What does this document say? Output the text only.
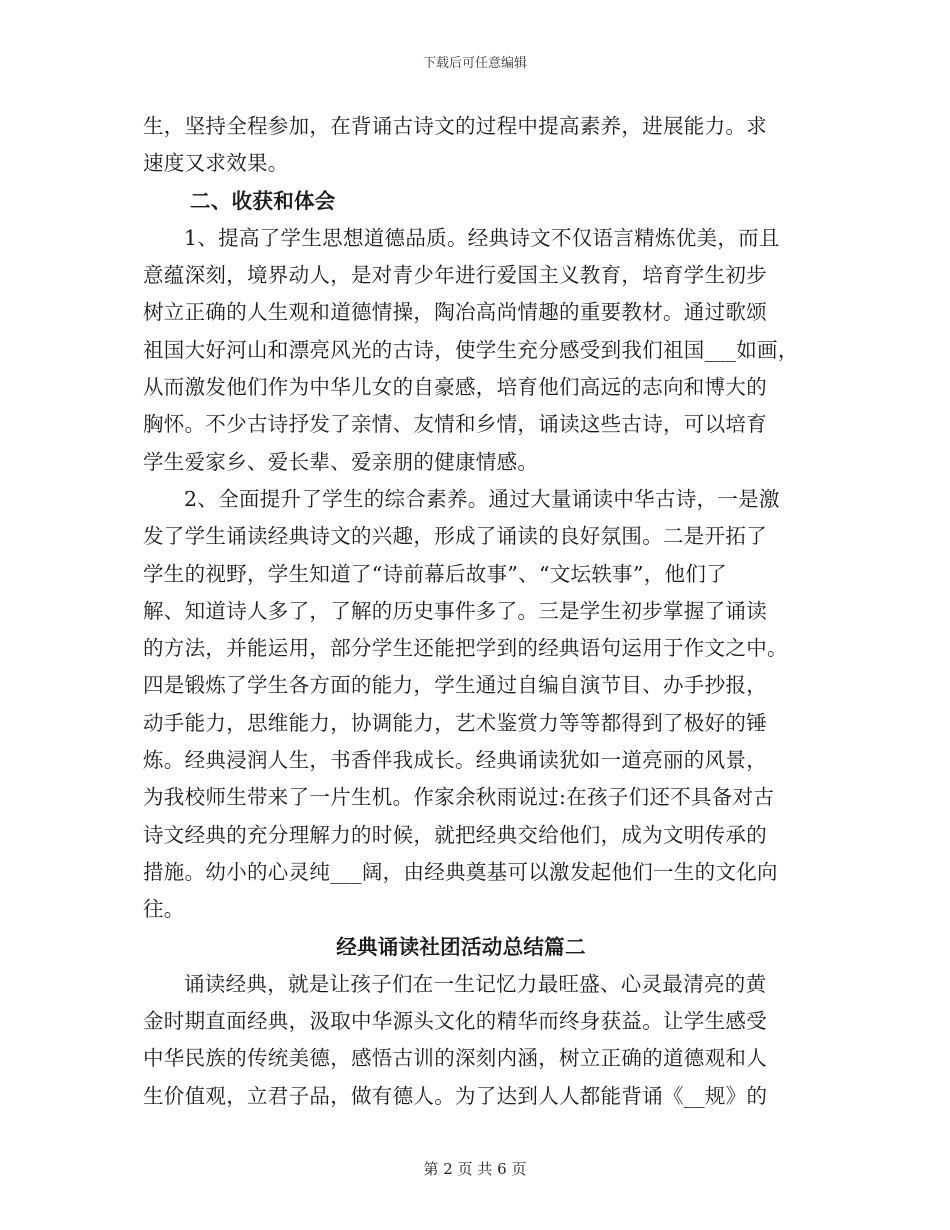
下载后可任意编辑
生，坚持全程参加，在背诵古诗文的过程中提高素养，进展能力。求
速度又求效果。
二、收获和体会
1、提高了学生思想道德品质。经典诗文不仅语言精炼优美，而且
意蕴深刻，境界动人，是对青少年进行爱国主义教育，培育学生初步
树立正确的人生观和道德情操，陶冶高尚情趣的重要教材。通过歌颂
祖国大好河山和漂亮风光的古诗，使学生充分感受到我们祖国___如画，
从而激发他们作为中华儿女的自豪感，培育他们高远的志向和博大的
胸怀。不少古诗抒发了亲情、友情和乡情，诵读这些古诗，可以培育
学生爱家乡、爱长辈、爱亲朋的健康情感。
2、全面提升了学生的综合素养。通过大量诵读中华古诗，一是激
发了学生诵读经典诗文的兴趣，形成了诵读的良好氛围。二是开拓了
学生的视野，学生知道了“诗前幕后故事”、“文坛轶事”，他们了
解、知道诗人多了，了解的历史事件多了。三是学生初步掌握了诵读
的方法，并能运用，部分学生还能把学到的经典语句运用于作文之中。
四是锻炼了学生各方面的能力，学生通过自编自演节目、办手抄报，
动手能力，思维能力，协调能力，艺术鉴赏力等等都得到了极好的锤
炼。经典浸润人生，书香伴我成长。经典诵读犹如一道亮丽的风景，
为我校师生带来了一片生机。作家余秋雨说过:在孩子们还不具备对古
诗文经典的充分理解力的时候，就把经典交给他们，成为文明传承的
措施。幼小的心灵纯___阔，由经典奠基可以激发起他们一生的文化向
往。
经典诵读社团活动总结篇二
诵读经典，就是让孩子们在一生记忆力最旺盛、心灵最清亮的黄
金时期直面经典，汲取中华源头文化的精华而终身获益。让学生感受
中华民族的传统美德，感悟古训的深刻内涵，树立正确的道德观和人
生价值观，立君子品，做有德人。为了达到人人都能背诵《__规》的
第 2 页 共 6 页
